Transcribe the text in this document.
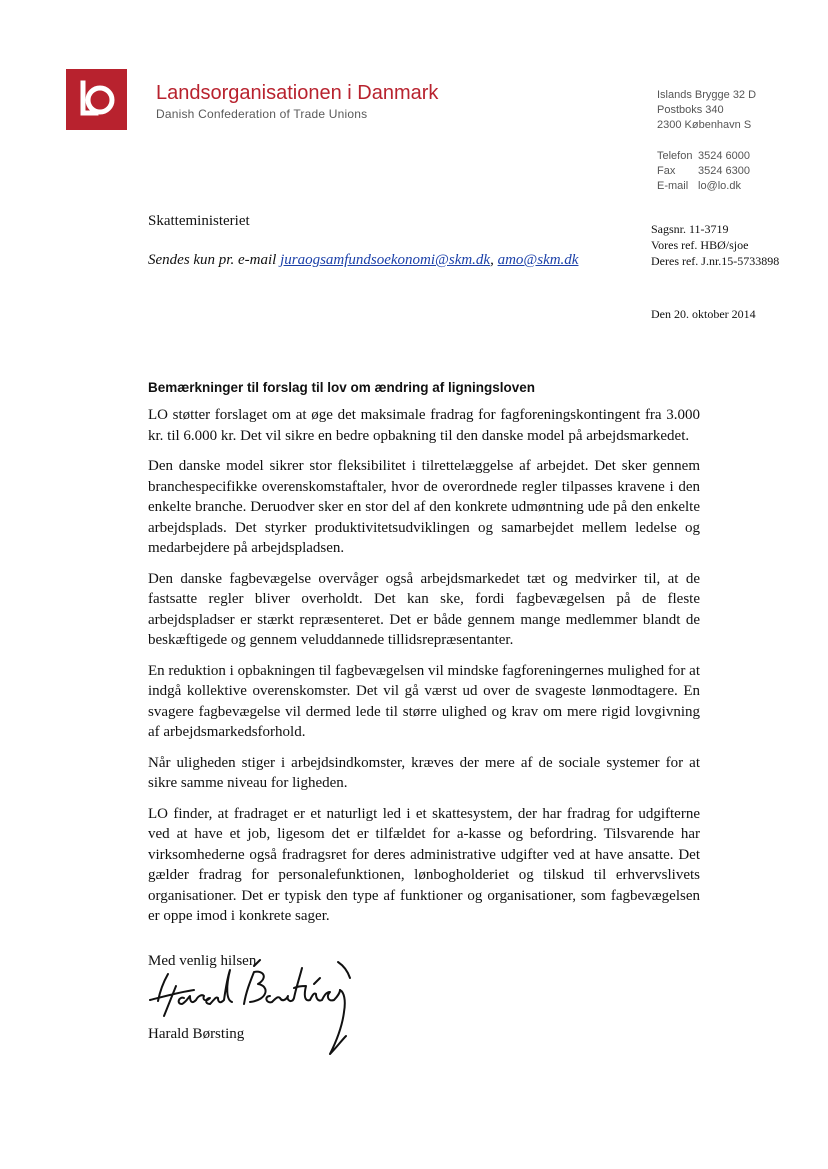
Landsorganisationen i Danmark
Danish Confederation of Trade Unions
Islands Brygge 32 D
Postboks 340
2300 København S
Telefon 3524 6000
Fax 3524 6300
E-mail lo@lo.dk
Skatteministeriet
Sendes kun pr. e-mail juraogsamfundsoekonomi@skm.dk, amo@skm.dk
Sagsnr. 11-3719
Vores ref. HBØ/sjoe
Deres ref. J.nr.15-5733898
Den 20. oktober 2014
Bemærkninger til forslag til lov om ændring af ligningsloven

LO støtter forslaget om at øge det maksimale fradrag for fagforeningskontingent fra 3.000 kr. til 6.000 kr. Det vil sikre en bedre opbakning til den danske model på arbejdsmarkedet.

Den danske model sikrer stor fleksibilitet i tilrettelæggelse af arbejdet. Det sker gennem branchespecifikke overenskomstaftaler, hvor de overordnede regler tilpasses kravene i den enkelte branche. Deruodver sker en stor del af den konkrete udmøntning ude på den enkelte arbejdsplads. Det styrker produktivitetsudviklingen og samarbejdet mellem ledelse og medarbejdere på arbejdspladsen.

Den danske fagbevægelse overvåger også arbejdsmarkedet tæt og medvirker til, at de fastsatte regler bliver overholdt. Det kan ske, fordi fagbevægelsen på de fleste arbejdspladser er stærkt repræsenteret. Det er både gennem mange medlemmer blandt de beskæftigede og gennem veluddannede tillidsrepræsentanter.

En reduktion i opbakningen til fagbevægelsen vil mindske fagforeningernes mulighed for at indgå kollektive overenskomster. Det vil gå værst ud over de svageste lønmodtagere. En svagere fagbevægelse vil dermed lede til større ulighed og krav om mere rigid lovgivning af arbejdsmarkedsforhold.

Når uligheden stiger i arbejdsindkomster, kræves der mere af de sociale systemer for at sikre samme niveau for ligheden.

LO finder, at fradraget er et naturligt led i et skattesystem, der har fradrag for udgifterne ved at have et job, ligesom det er tilfældet for a-kasse og befordring. Tilsvarende har virksomhederne også fradragsret for deres administrative udgifter ved at have ansatte. Det gælder fradrag for personalefunktionen, lønbogholderiet og tilskud til erhvervslivets organisationer. Det er typisk den type af funktioner og organisationer, som fagbevægelsen er oppe imod i konkrete sager.

Med venlig hilsen
Harald Børsting
